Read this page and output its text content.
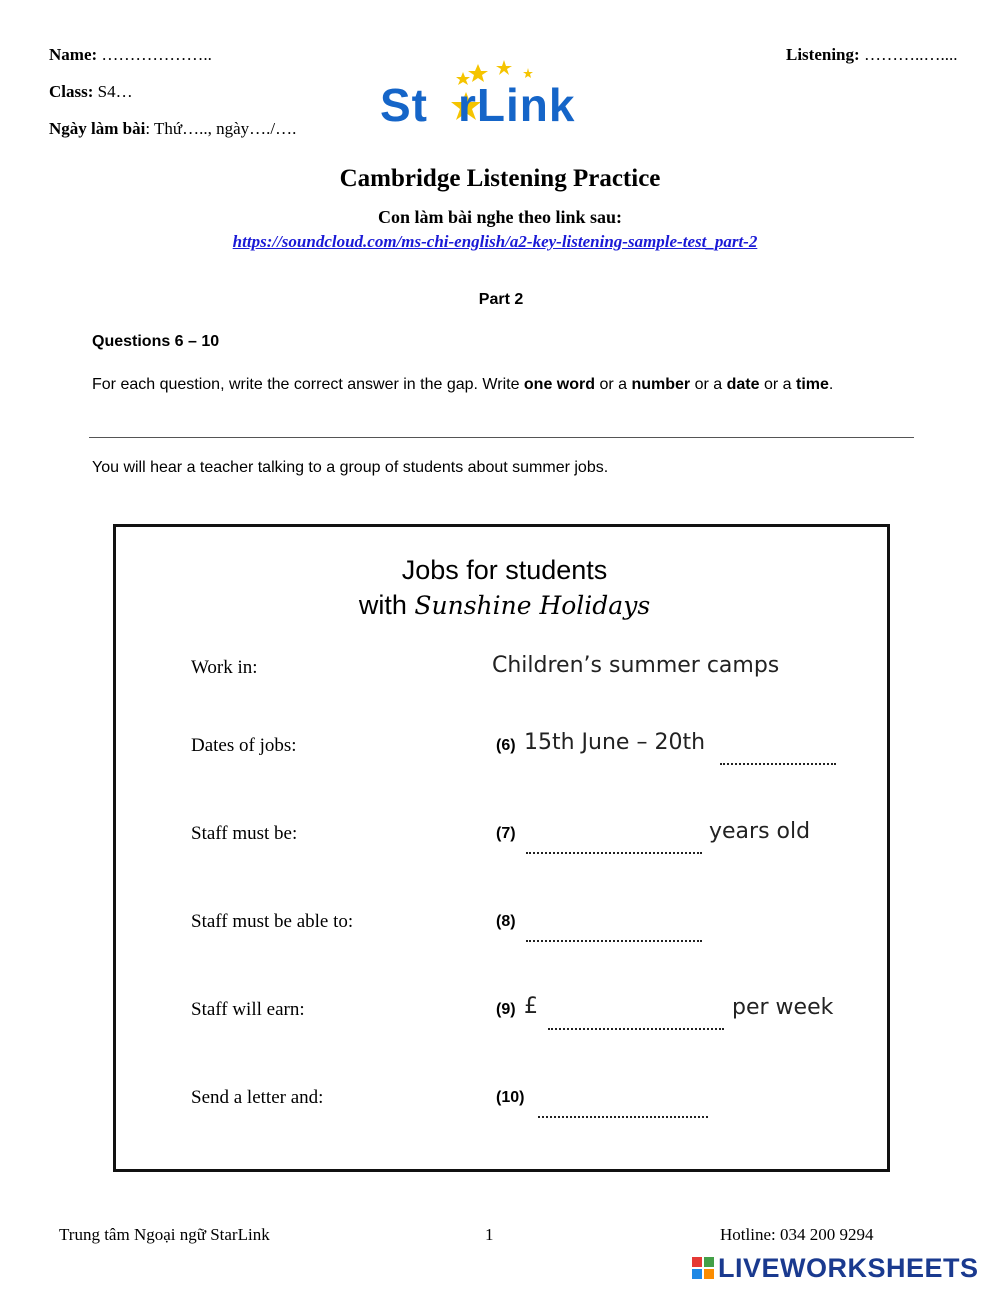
Name: ………………..
Class: S4…
Ngày làm bài: Thứ….., ngày…./….
Listening: ………..…....
St rLink
Cambridge Listening Practice
Con làm bài nghe theo link sau:
https://soundcloud.com/ms-chi-english/a2-key-listening-sample-test_part-2
Part 2
Questions 6 – 10
For each question, write the correct answer in the gap. Write one word or a number or a date or a time.
You will hear a teacher talking to a group of students about summer jobs.
Jobs for students
with Sunshine Holidays
Work in:	Children’s summer camps
Dates of jobs:	(6) 15th June – 20th
Staff must be:	(7)	years old
Staff must be able to:	(8)
Staff will earn:	(9) £	per week
Send a letter and:	(10)
Trung tâm Ngoại ngữ StarLink	1	Hotline: 034 200 9294
LIVEWORKSHEETS
